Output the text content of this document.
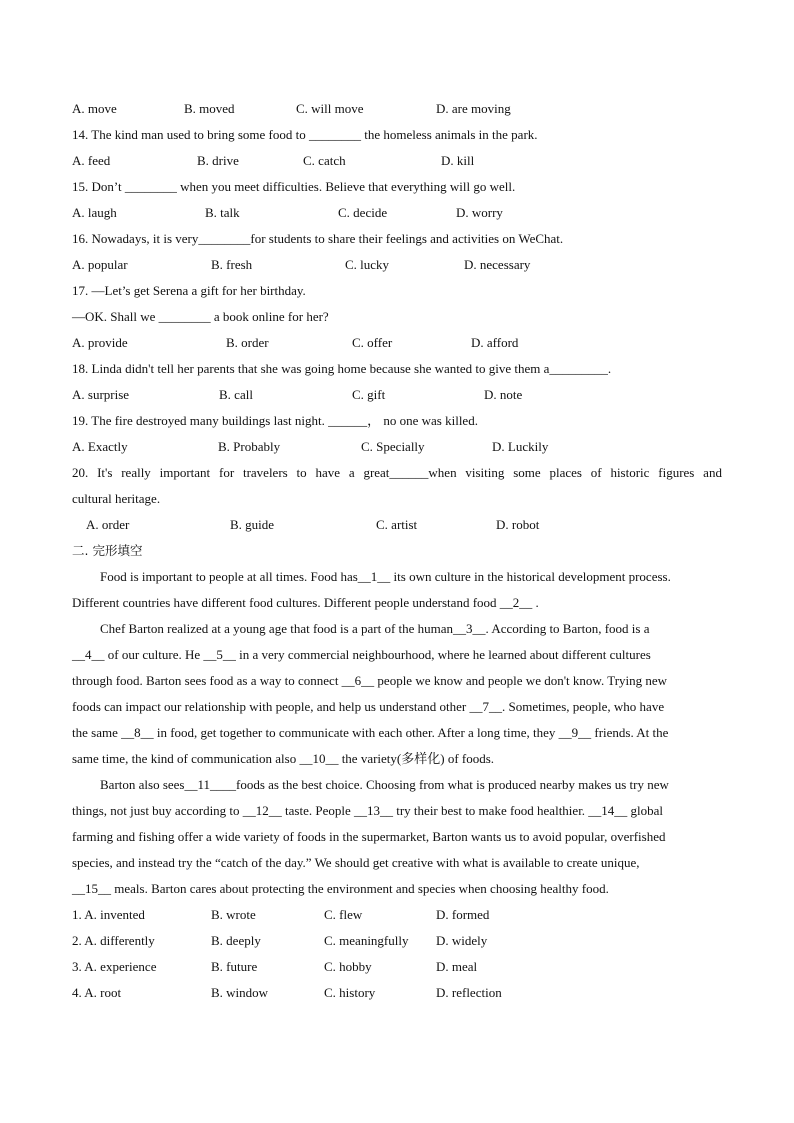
A. move	B. moved	C. will move	D. are moving
14. The kind man used to bring some food to ________ the homeless animals in the park.
A. feed	B. drive	C. catch	D. kill
15. Don’t ________ when you meet difficulties. Believe that everything will go well.
A. laugh	B. talk	C. decide	D. worry
16. Nowadays, it is very________for students to share their feelings and activities on WeChat.
A. popular	B. fresh	C. lucky	D. necessary
17. —Let’s get Serena a gift for her birthday.
—OK. Shall we ________ a book online for her?
A. provide	B. order	C. offer	D. afford
18. Linda didn't tell her parents that she was going home because she wanted to give them a_________.
A. surprise	B. call	C. gift	D. note
19. The fire destroyed many buildings last night. ______， no one was killed.
A. Exactly	B. Probably	C. Specially	D. Luckily
20. It's really important for travelers to have a great______when visiting some places of historic figures and
cultural heritage.
A. order	B. guide	C. artist	D. robot
二. 完形填空
Food is important to people at all times. Food has__1__ its own culture in the historical development process.
Different countries have different food cultures. Different people understand food __2__ .
Chef Barton realized at a young age that food is a part of the human__3__. According to Barton, food is a
__4__ of our culture. He __5__ in a very commercial neighbourhood, where he learned about different cultures
through food. Barton sees food as a way to connect __6__ people we know and people we don't know. Trying new
foods can impact our relationship with people, and help us understand other __7__. Sometimes, people, who have
the same __8__ in food, get together to communicate with each other. After a long time, they __9__ friends. At the
same time, the kind of communication also __10__ the variety(多样化) of foods.
Barton also sees__11____foods as the best choice. Choosing from what is produced nearby makes us try new
things, not just buy according to __12__ taste. People __13__ try their best to make food healthier. __14__ global
farming and fishing offer a wide variety of foods in the supermarket, Barton wants us to avoid popular, overfished
species, and instead try the “catch of the day.” We should get creative with what is available to create unique,
__15__ meals. Barton cares about protecting the environment and species when choosing healthy food.
1. A. invented	B. wrote	C. flew	D. formed
2. A. differently	B. deeply	C. meaningfully D. widely
3. A. experience	B. future	C. hobby	D. meal
4. A. root	B. window	C. history	D. reflection
